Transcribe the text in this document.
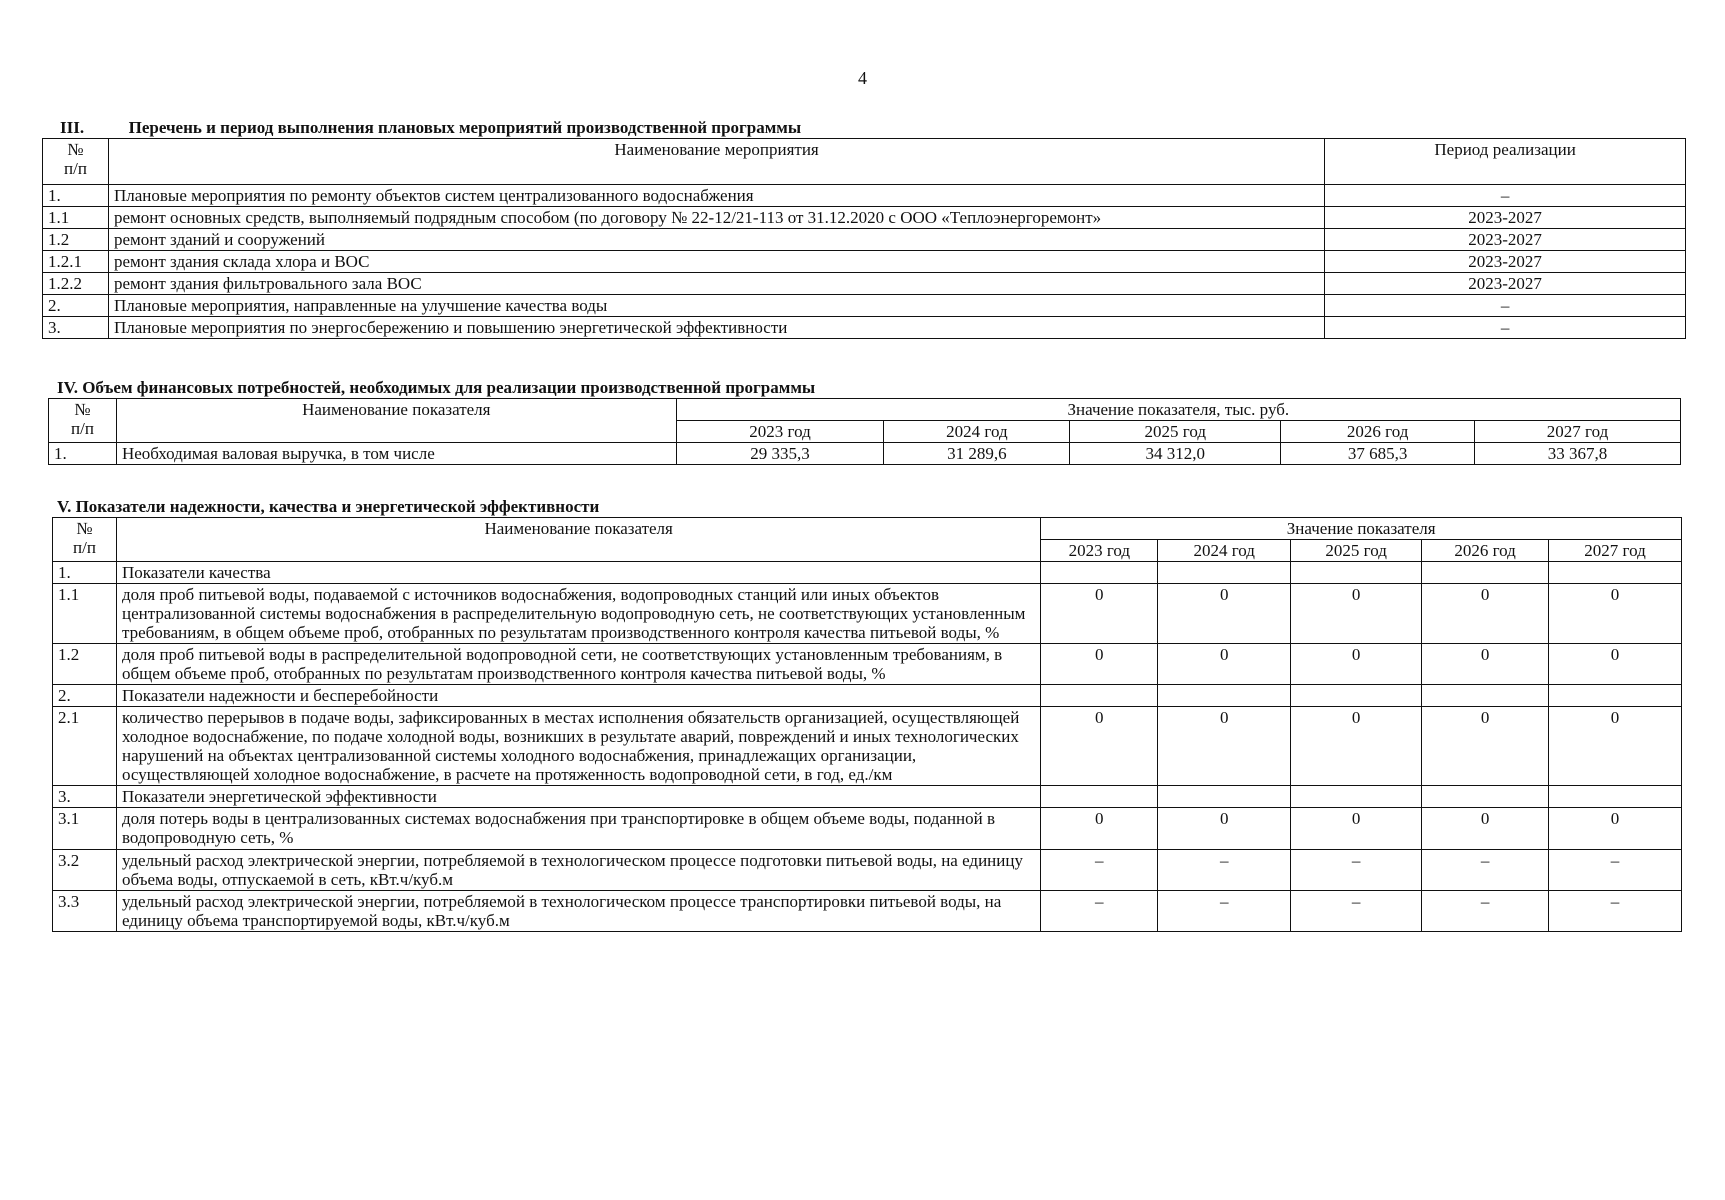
4
III.	Перечень и период выполнения плановых мероприятий производственной программы
№
п/п	Наименование мероприятия	Период реализации
1.	Плановые мероприятия по ремонту объектов систем централизованного водоснабжения	–
1.1	ремонт основных средств, выполняемый подрядным способом (по договору № 22-12/21-113 от 31.12.2020 с ООО «Теплоэнергоремонт»	2023-2027
1.2	ремонт зданий и сооружений	2023-2027
1.2.1	ремонт здания склада хлора и ВОС	2023-2027
1.2.2	ремонт здания фильтровального зала ВОС	2023-2027
2.	Плановые мероприятия, направленные на улучшение качества воды	–
3.	Плановые мероприятия по энергосбережению и повышению энергетической эффективности	–
IV. Объем финансовых потребностей, необходимых для реализации производственной программы
№
п/п	Наименование показателя	Значение показателя, тыс. руб.				
		2023 год	2024 год	2025 год	2026 год	2027 год
1.	Необходимая валовая выручка, в том числе	29 335,3	31 289,6	34 312,0	37 685,3	33 367,8
V. Показатели надежности, качества и энергетической эффективности
№
п/п	Наименование показателя	Значение показателя				
		2023 год	2024 год	2025 год	2026 год	2027 год
1.	Показатели качества					
1.1	доля проб питьевой воды, подаваемой с источников водоснабжения, водопроводных станций или иных объектов централизованной системы водоснабжения в распределительную водопроводную сеть, не соответствующих установленным требованиям, в общем объеме проб, отобранных по результатам производственного контроля качества питьевой воды, %	0	0	0	0	0
1.2	доля проб питьевой воды в распределительной водопроводной сети, не соответствующих установленным требованиям, в общем объеме проб, отобранных по результатам производственного контроля качества питьевой воды, %	0	0	0	0	0
2.	Показатели надежности и бесперебойности					
2.1	количество перерывов в подаче воды, зафиксированных в местах исполнения обязательств организацией, осуществляющей холодное водоснабжение, по подаче холодной воды, возникших в результате аварий, повреждений и иных технологических нарушений на объектах централизованной системы холодного водоснабжения, принадлежащих организации, осуществляющей холодное водоснабжение, в расчете на протяженность водопроводной сети, в год, ед./км	0	0	0	0	0
3.	Показатели энергетической эффективности					
3.1	доля потерь воды в централизованных системах водоснабжения при транспортировке в общем объеме воды, поданной в водопроводную сеть, %	0	0	0	0	0
3.2	удельный расход электрической энергии, потребляемой в технологическом процессе подготовки питьевой воды, на единицу объема воды, отпускаемой в сеть, кВт.ч/куб.м	–	–	–	–	–
3.3	удельный расход электрической энергии, потребляемой в технологическом процессе транспортировки питьевой воды, на единицу объема транспортируемой воды, кВт.ч/куб.м	–	–	–	–	–
